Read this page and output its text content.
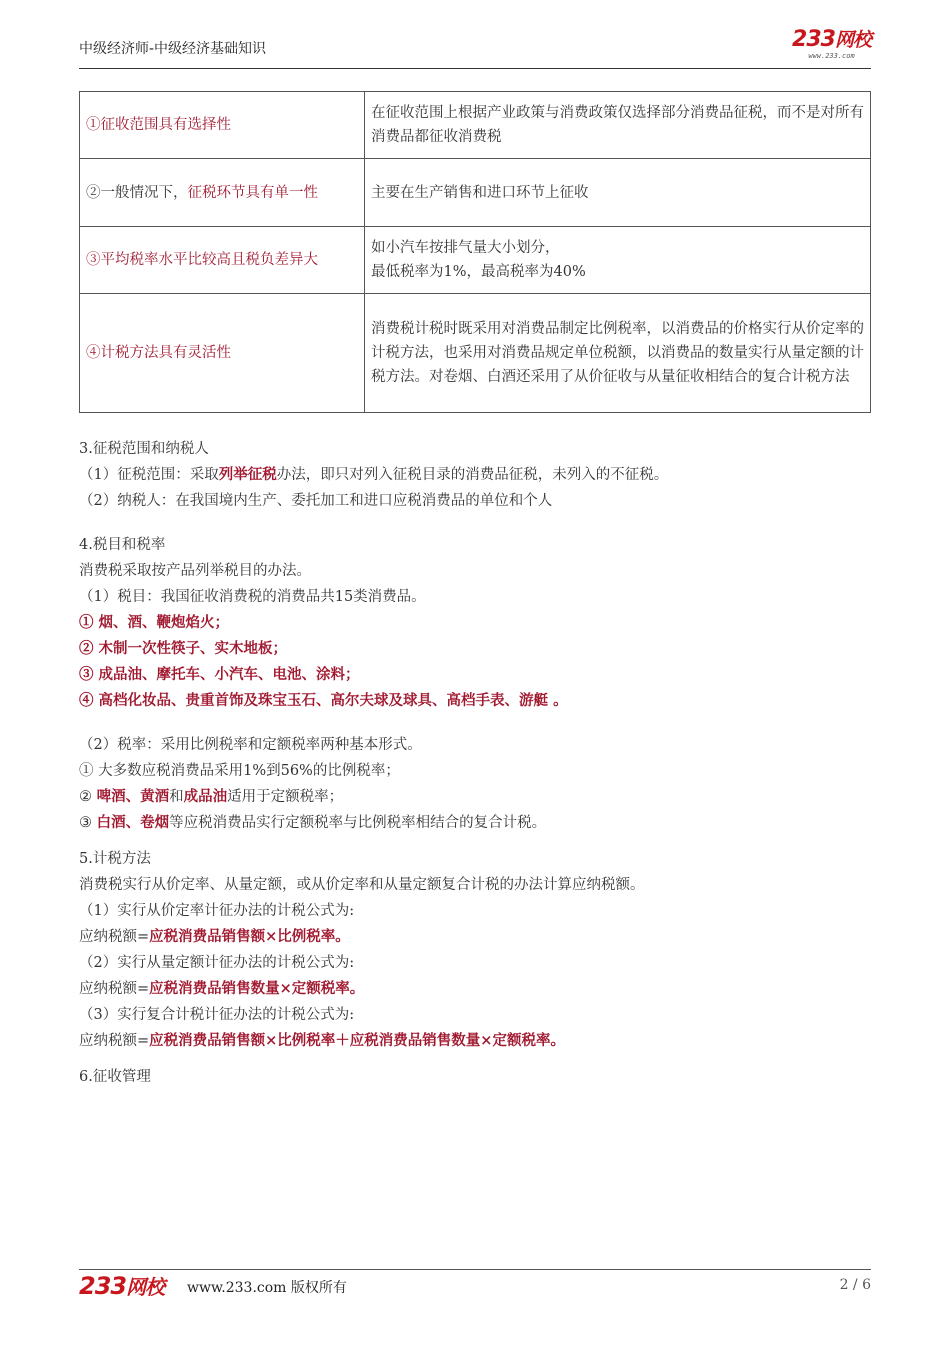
中级经济师-中级经济基础知识	233网校
www.233.com
①征收范围具有选择性	在征收范围上根据产业政策与消费政策仅选择部分消费品征税，而不是对所有消费品都征收消费税
②一般情况下，征税环节具有单一性	主要在生产销售和进口环节上征收
③平均税率水平比较高且税负差异大	如小汽车按排气量大小划分，
最低税率为1%，最高税率为40%
④计税方法具有灵活性	消费税计税时既采用对消费品制定比例税率，以消费品的价格实行从价定率的计税方法，也采用对消费品规定单位税额，以消费品的数量实行从量定额的计税方法。对卷烟、白酒还采用了从价征收与从量征收相结合的复合计税方法

3.征税范围和纳税人

（1）征税范围：采取列举征税办法，即只对列入征税目录的消费品征税，未列入的不征税。

（2）纳税人：在我国境内生产、委托加工和进口应税消费品的单位和个人

4.税目和税率

消费税采取按产品列举税目的办法。

（1）税目：我国征收消费税的消费品共15类消费品。

① 烟、酒、鞭炮焰火；

② 木制一次性筷子、实木地板；

③ 成品油、摩托车、小汽车、电池、涂料；

④ 高档化妆品、贵重首饰及珠宝玉石、高尔夫球及球具、高档手表、游艇 。

（2）税率：采用比例税率和定额税率两种基本形式。

① 大多数应税消费品采用1%到56%的比例税率；

② 啤酒、黄酒和成品油适用于定额税率；

③ 白酒、卷烟等应税消费品实行定额税率与比例税率相结合的复合计税。

5.计税方法

消费税实行从价定率、从量定额，或从价定率和从量定额复合计税的办法计算应纳税额。

（1）实行从价定率计征办法的计税公式为:

应纳税额=应税消费品销售额×比例税率。

（2）实行从量定额计征办法的计税公式为:

应纳税额=应税消费品销售数量×定额税率。

（3）实行复合计税计征办法的计税公式为:

应纳税额=应税消费品销售额×比例税率＋应税消费品销售数量×定额税率。

6.征收管理

233网校 www.233.com 版权所有	2 / 6
